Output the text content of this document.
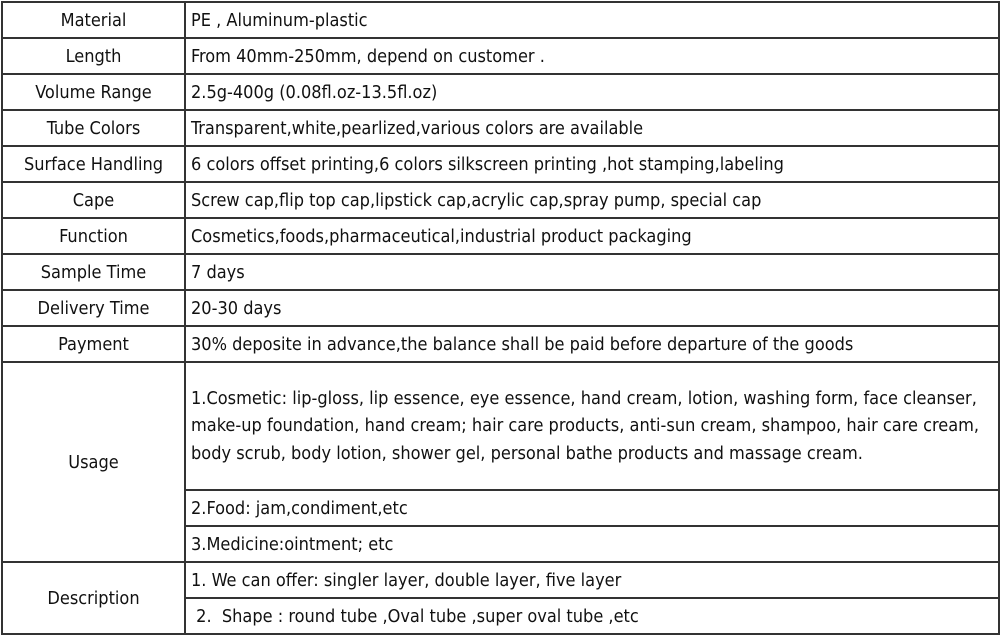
Material	PE , Aluminum-plastic
Length	From 40mm-250mm, depend on customer .
Volume Range	2.5g-400g (0.08fl.oz-13.5fl.oz)
Tube Colors	Transparent,white,pearlized,various colors are available
Surface Handling	6 colors offset printing,6 colors silkscreen printing ,hot stamping,labeling
Cape	Screw cap,flip top cap,lipstick cap,acrylic cap,spray pump, special cap
Function	Cosmetics,foods,pharmaceutical,industrial product packaging
Sample Time	7 days
Delivery Time	20-30 days
Payment	30% deposite in advance,the balance shall be paid before departure of the goods
Usage	1.Cosmetic: lip-gloss, lip essence, eye essence, hand cream, lotion, washing form, face cleanser, make-up foundation, hand cream; hair care products, anti-sun cream, shampoo, hair care cream, body scrub, body lotion, shower gel, personal bathe products and massage cream.
	2.Food: jam,condiment,etc
	3.Medicine:ointment; etc
Description	1. We can offer: singler layer, double layer, five layer
	2.  Shape : round tube ,Oval tube ,super oval tube ,etc
